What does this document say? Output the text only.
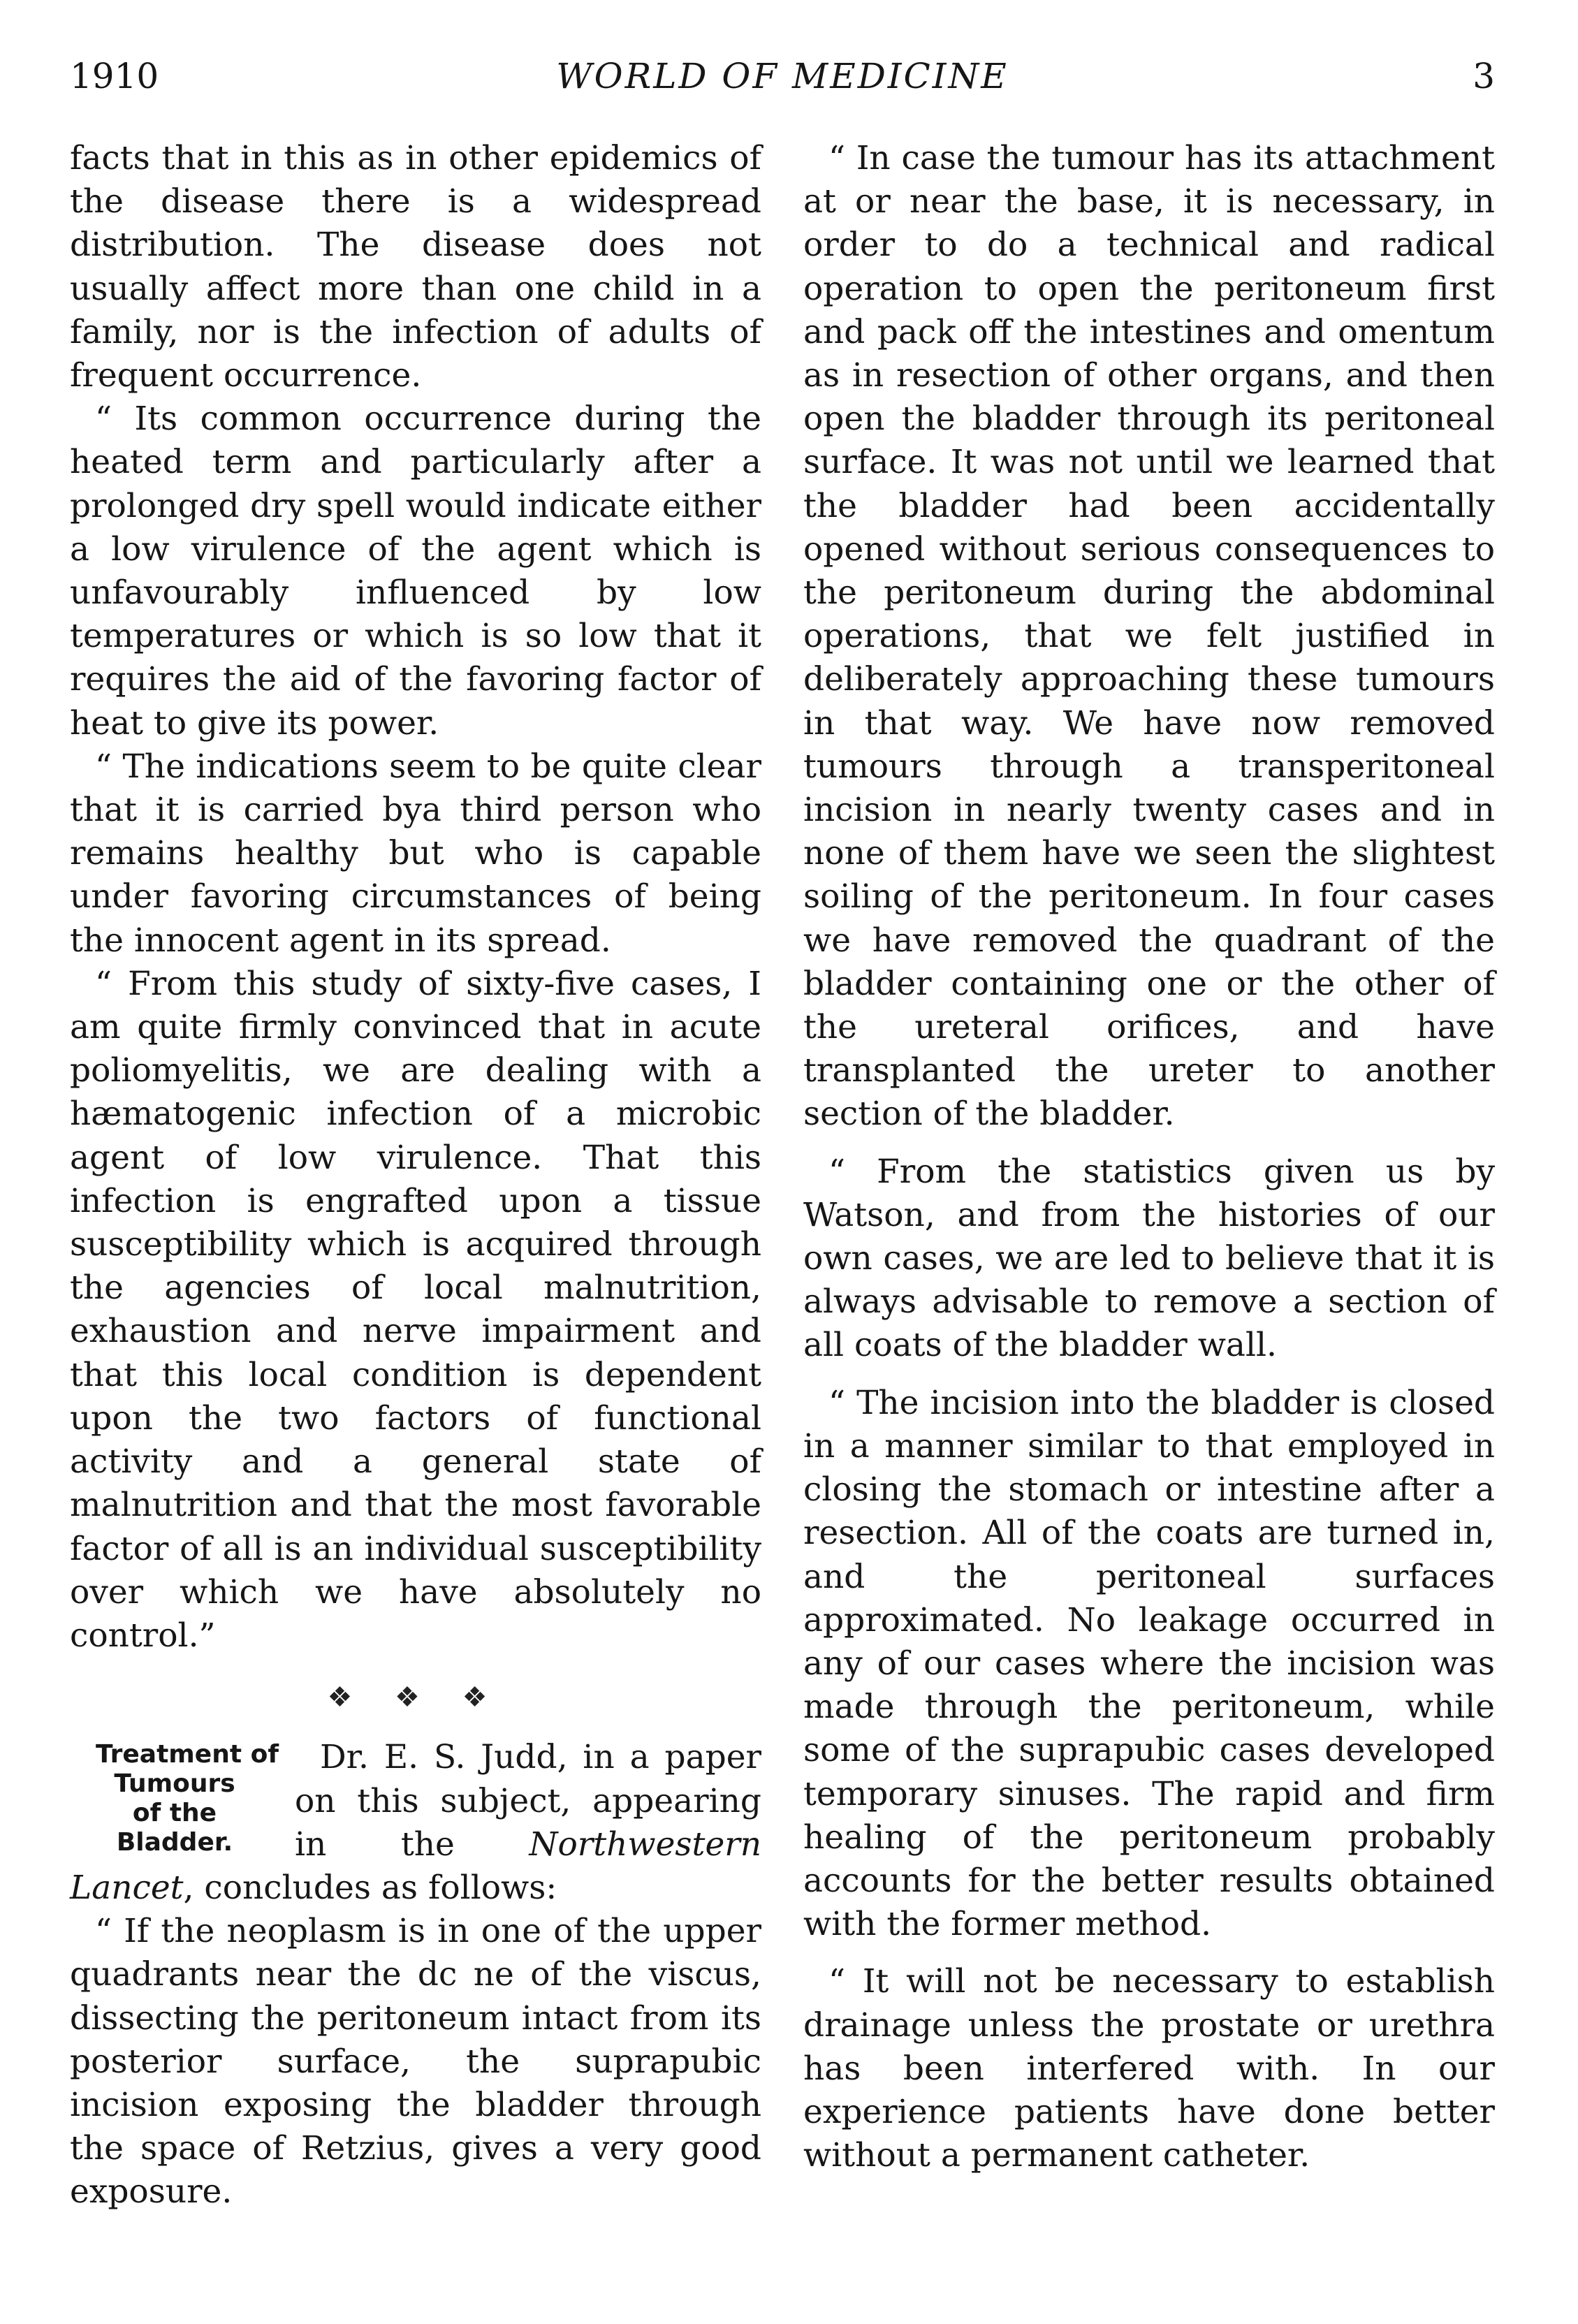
1910	WORLD OF MEDICINE	3

facts that in this as in other epidemics of the disease there is a widespread distribution. The disease does not usually affect more than one child in a family, nor is the infection of adults of frequent occurrence.

“ Its common occurrence during the heated term and particularly after a prolonged dry spell would indicate either a low virulence of the agent which is unfavourably influenced by low temperatures or which is so low that it requires the aid of the favoring factor of heat to give its power.

“ The indications seem to be quite clear that it is carried bya third person who remains healthy but who is capable under favoring circumstances of being the innocent agent in its spread.

“ From this study of sixty-five cases, I am quite firmly convinced that in acute poliomyelitis, we are dealing with a hæmatogenic infection of a microbic agent of low virulence. That this infection is engrafted upon a tissue susceptibility which is acquired through the agencies of local malnutrition, exhaustion and nerve impairment and that this local condition is dependent upon the two factors of functional activity and a general state of malnutrition and that the most favorable factor of all is an individual susceptibility over which we have absolutely no control.”

❖ ❖ ❖

Treatment of
Tumours
of the
Bladder.
Dr. E. S. Judd, in a paper on this subject, appearing in the Northwestern Lancet, concludes as follows:

“ If the neoplasm is in one of the upper quadrants near the dc ne of the viscus, dissecting the peritoneum intact from its posterior surface, the suprapubic incision exposing the bladder through the space of Retzius, gives a very good exposure.

“ In case the tumour has its attachment at or near the base, it is necessary, in order to do a technical and radical operation to open the peritoneum first and pack off the intestines and omentum as in resection of other organs, and then open the bladder through its peritoneal surface. It was not until we learned that the bladder had been accidentally opened without serious consequences to the peritoneum during the abdominal operations, that we felt justified in deliberately approaching these tumours in that way. We have now removed tumours through a transperitoneal incision in nearly twenty cases and in none of them have we seen the slightest soiling of the peritoneum. In four cases we have removed the quadrant of the bladder containing one or the other of the ureteral orifices, and have transplanted the ureter to another section of the bladder.

“ From the statistics given us by Watson, and from the histories of our own cases, we are led to believe that it is always advisable to remove a section of all coats of the bladder wall.

“ The incision into the bladder is closed in a manner similar to that employed in closing the stomach or intestine after a resection. All of the coats are turned in, and the peritoneal surfaces approximated. No leakage occurred in any of our cases where the incision was made through the peritoneum, while some of the suprapubic cases developed temporary sinuses. The rapid and firm healing of the peritoneum probably accounts for the better results obtained with the former method.

“ It will not be necessary to establish drainage unless the prostate or urethra has been interfered with. In our experience patients have done better without a permanent catheter.
